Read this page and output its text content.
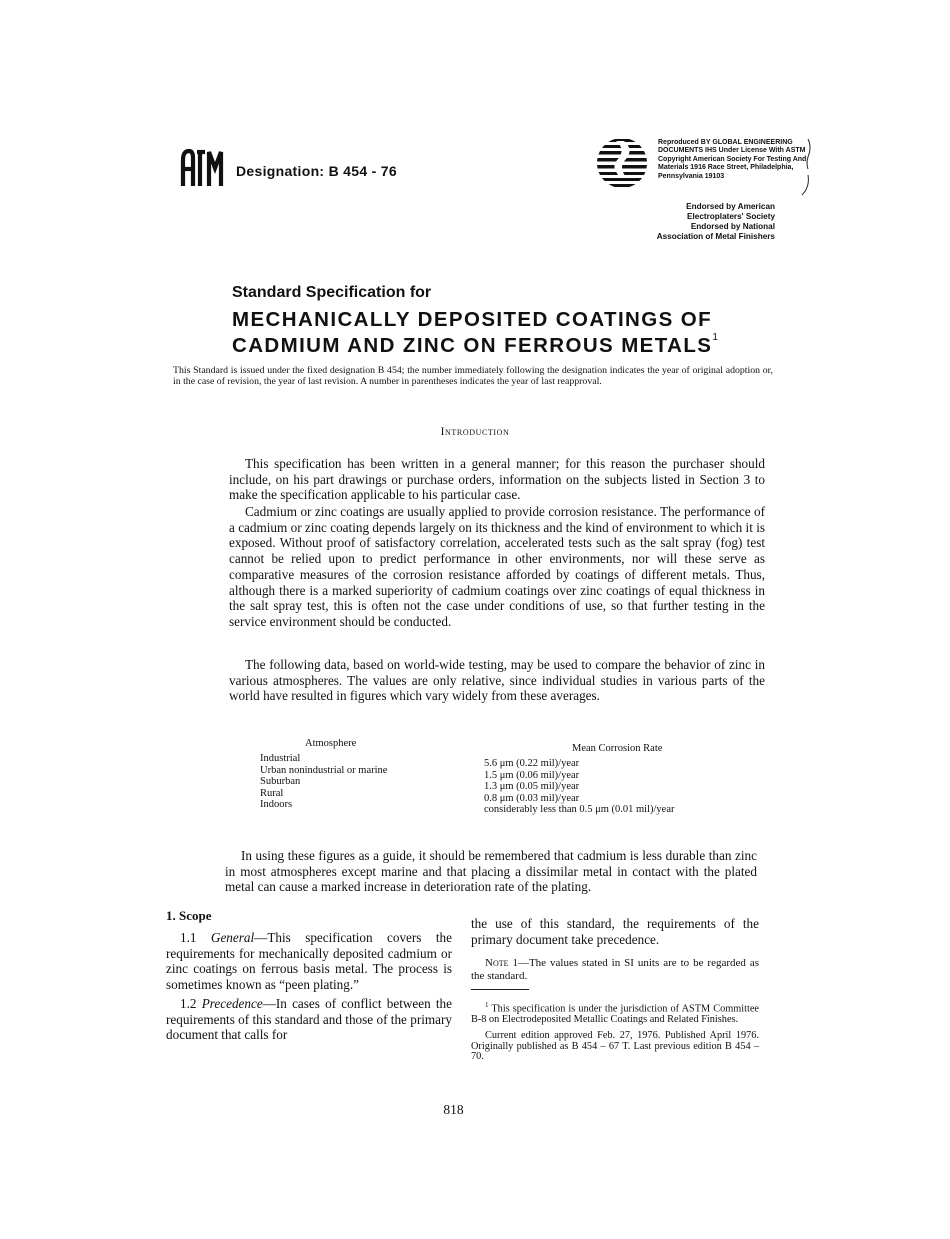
Designation: B 454 - 76
Reproduced BY GLOBAL ENGINEERING
DOCUMENTS IHS Under License With ASTM
Copyright American Society For Testing And
Materials 1916 Race Street, Philadelphia,
Pennsylvania 19103
Endorsed by American
Electroplaters' Society
Endorsed by National
Association of Metal Finishers
Standard Specification for
MECHANICALLY DEPOSITED COATINGS OF
CADMIUM AND ZINC ON FERROUS METALS$^1$
This Standard is issued under the fixed designation B 454; the number immediately following the designation indicates the year of original adoption or, in the case of revision, the year of last revision. A number in parentheses indicates the year of last reapproval.
Introduction
This specification has been written in a general manner; for this reason the purchaser should include, on his part drawings or purchase orders, information on the subjects listed in Section 3 to make the specification applicable to his particular case.
Cadmium or zinc coatings are usually applied to provide corrosion resistance. The performance of a cadmium or zinc coating depends largely on its thickness and the kind of environment to which it is exposed. Without proof of satisfactory correlation, accelerated tests such as the salt spray (fog) test cannot be relied upon to predict performance in other environments, nor will these serve as comparative measures of the corrosion resistance afforded by coatings of different metals. Thus, although there is a marked superiority of cadmium coatings over zinc coatings of equal thickness in the salt spray test, this is often not the case under conditions of use, so that further testing in the service environment should be conducted.
The following data, based on world-wide testing, may be used to compare the behavior of zinc in various atmospheres. The values are only relative, since individual studies in various parts of the world have resulted in figures which vary widely from these averages.
Atmosphere	Mean Corrosion Rate
Industrial
Urban nonindustrial or marine
Suburban
Rural
Indoors
5.6 μm (0.22 mil)/year
1.5 μm (0.06 mil)/year
1.3 μm (0.05 mil)/year
0.8 μm (0.03 mil)/year
considerably less than 0.5 μm (0.01 mil)/year
In using these figures as a guide, it should be remembered that cadmium is less durable than zinc in most atmospheres except marine and that placing a dissimilar metal in contact with the plated metal can cause a marked increase in deterioration rate of the plating.
1. Scope

1.1 General—This specification covers the requirements for mechanically deposited cadmium or zinc coatings on ferrous basis metal. The process is sometimes known as “peen plating.”

1.2 Precedence—In cases of conflict between the requirements of this standard and those of the primary document that calls for

the use of this standard, the requirements of the primary document take precedence.

Note 1—The values stated in SI units are to be regarded as the standard.
$^1$ This specification is under the jurisdiction of ASTM Committee B-8 on Electrodeposited Metallic Coatings and Related Finishes.
Current edition approved Feb. 27, 1976. Published April 1976. Originally published as B 454 – 67 T. Last previous edition B 454 – 70.
818
